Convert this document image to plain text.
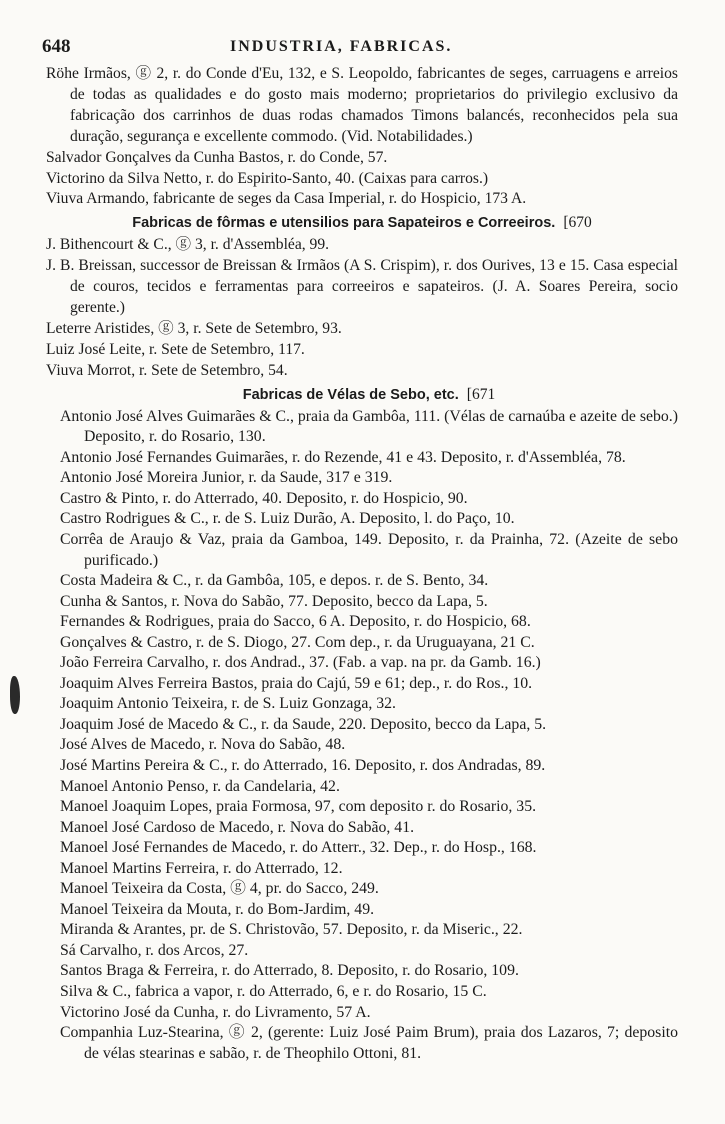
648	INDUSTRIA, FABRICAS.

Röhe Irmãos, ⓖ 2, r. do Conde d'Eu, 132, e S. Leopoldo, fabricantes de seges, carruagens e arreios de todas as qualidades e do gosto mais moderno; proprietarios do privilegio exclusivo da fabricação dos carrinhos de duas rodas chamados Timons balancés, reconhecidos pela sua duração, segurança e excellente commodo. (Vid. Notabilidades.)

Salvador Gonçalves da Cunha Bastos, r. do Conde, 57.

Victorino da Silva Netto, r. do Espirito-Santo, 40. (Caixas para carros.)

Viuva Armando, fabricante de seges da Casa Imperial, r. do Hospicio, 173 A.

Fabricas de fôrmas e utensilios para Sapateiros e Correeiros. [670

J. Bithencourt & C., ⓖ 3, r. d'Assembléa, 99.

J. B. Breissan, successor de Breissan & Irmãos (A S. Crispim), r. dos Ourives, 13 e 15. Casa especial de couros, tecidos e ferramentas para correeiros e sapateiros. (J. A. Soares Pereira, socio gerente.)

Leterre Aristides, ⓖ 3, r. Sete de Setembro, 93.

Luiz José Leite, r. Sete de Setembro, 117.

Viuva Morrot, r. Sete de Setembro, 54.

Fabricas de Vélas de Sebo, etc. [671

Antonio José Alves Guimarães & C., praia da Gambôa, 111. (Vélas de carnaúba e azeite de sebo.) Deposito, r. do Rosario, 130.

Antonio José Fernandes Guimarães, r. do Rezende, 41 e 43. Deposito, r. d'Assembléa, 78.

Antonio José Moreira Junior, r. da Saude, 317 e 319.

Castro & Pinto, r. do Atterrado, 40. Deposito, r. do Hospicio, 90.

Castro Rodrigues & C., r. de S. Luiz Durão, A. Deposito, l. do Paço, 10.

Corrêa de Araujo & Vaz, praia da Gamboa, 149. Deposito, r. da Prainha, 72. (Azeite de sebo purificado.)

Costa Madeira & C., r. da Gambôa, 105, e depos. r. de S. Bento, 34.

Cunha & Santos, r. Nova do Sabão, 77. Deposito, becco da Lapa, 5.

Fernandes & Rodrigues, praia do Sacco, 6 A. Deposito, r. do Hospicio, 68.

Gonçalves & Castro, r. de S. Diogo, 27. Com dep., r. da Uruguayana, 21 C.

João Ferreira Carvalho, r. dos Andrad., 37. (Fab. a vap. na pr. da Gamb. 16.)

Joaquim Alves Ferreira Bastos, praia do Cajú, 59 e 61; dep., r. do Ros., 10.

Joaquim Antonio Teixeira, r. de S. Luiz Gonzaga, 32.

Joaquim José de Macedo & C., r. da Saude, 220. Deposito, becco da Lapa, 5.

José Alves de Macedo, r. Nova do Sabão, 48.

José Martins Pereira & C., r. do Atterrado, 16. Deposito, r. dos Andradas, 89.

Manoel Antonio Penso, r. da Candelaria, 42.

Manoel Joaquim Lopes, praia Formosa, 97, com deposito r. do Rosario, 35.

Manoel José Cardoso de Macedo, r. Nova do Sabão, 41.

Manoel José Fernandes de Macedo, r. do Atterr., 32. Dep., r. do Hosp., 168.

Manoel Martins Ferreira, r. do Atterrado, 12.

Manoel Teixeira da Costa, ⓖ 4, pr. do Sacco, 249.

Manoel Teixeira da Mouta, r. do Bom-Jardim, 49.

Miranda & Arantes, pr. de S. Christovão, 57. Deposito, r. da Miseric., 22.

Sá Carvalho, r. dos Arcos, 27.

Santos Braga & Ferreira, r. do Atterrado, 8. Deposito, r. do Rosario, 109.

Silva & C., fabrica a vapor, r. do Atterrado, 6, e r. do Rosario, 15 C.

Victorino José da Cunha, r. do Livramento, 57 A.

Companhia Luz-Stearina, ⓖ 2, (gerente: Luiz José Paim Brum), praia dos Lazaros, 7; deposito de vélas stearinas e sabão, r. de Theophilo Ottoni, 81.
